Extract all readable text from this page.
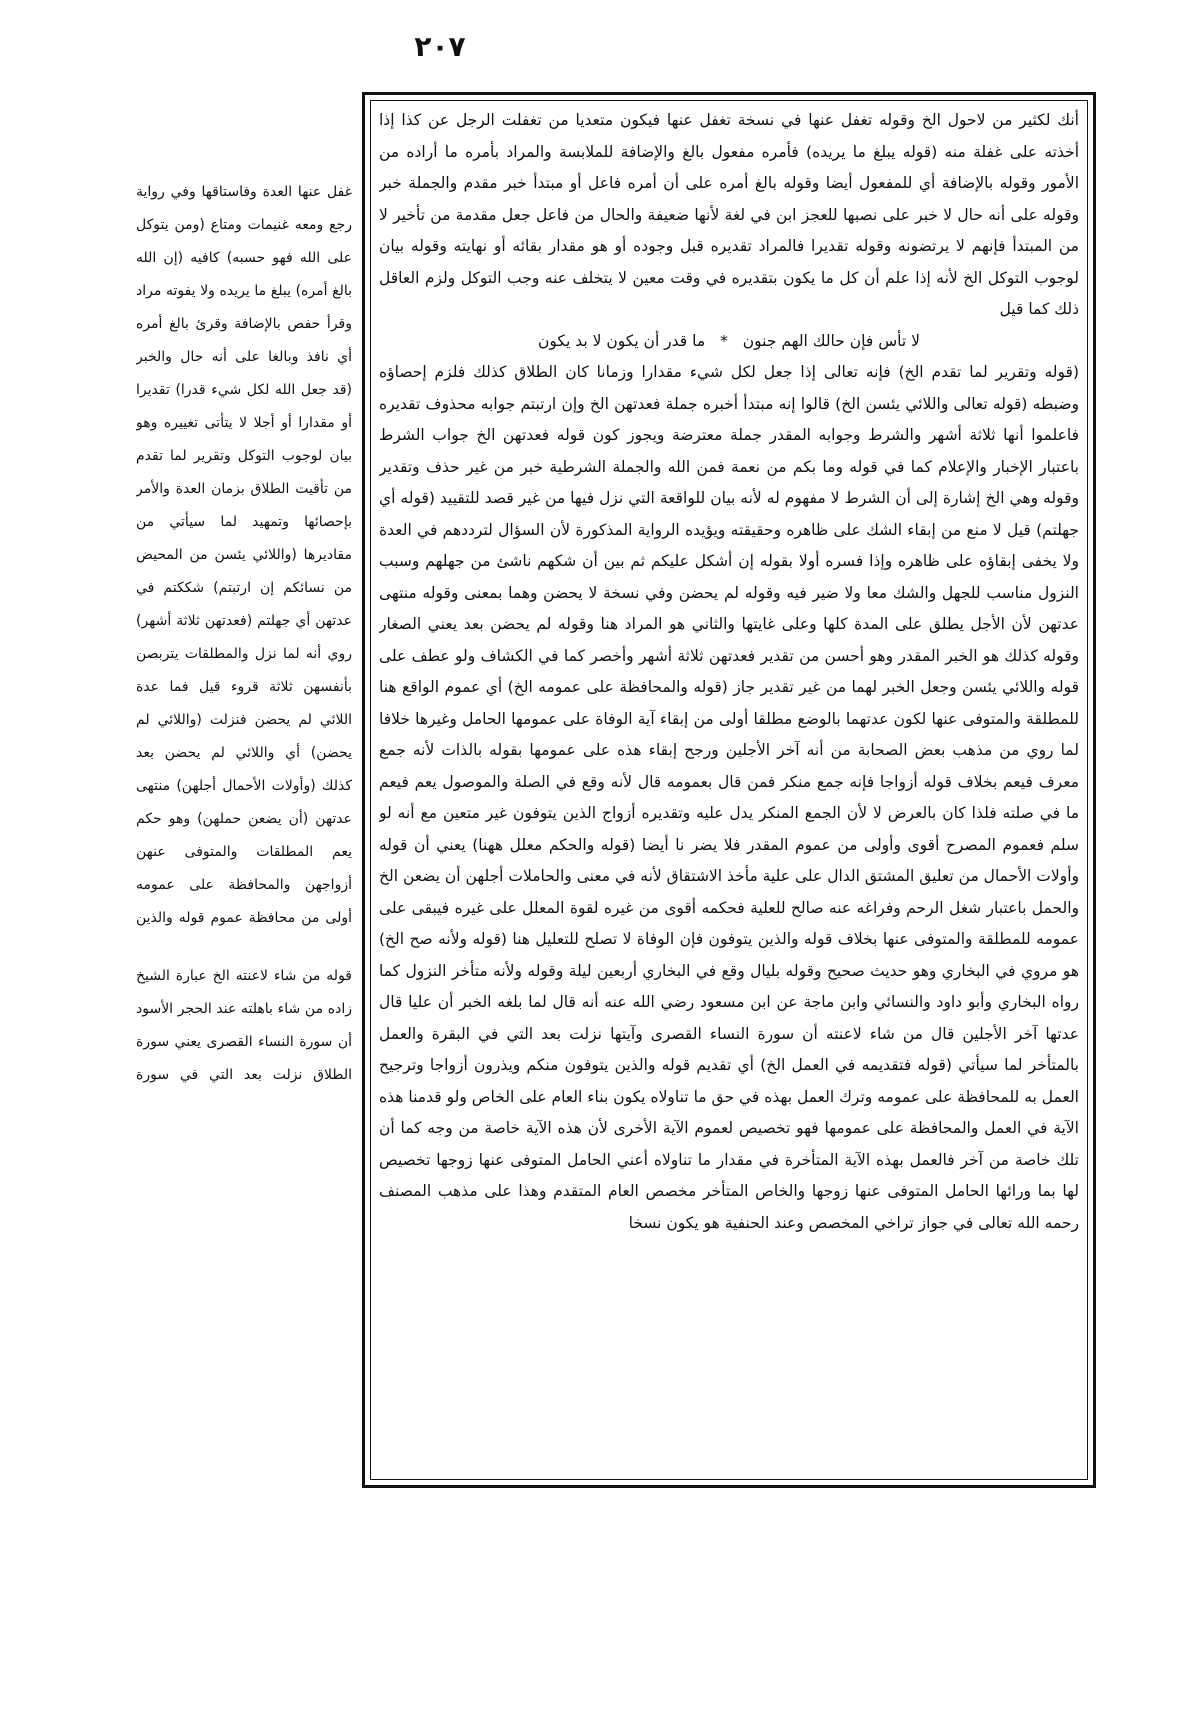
٢٠٧

غفل عنها العدة وفاستاقها وفي رواية رجع ومعه غنيمات ومتاع (ومن يتوكل على الله فهو حسبه) كافيه (إن الله بالغ أمره) يبلغ ما يريده ولا يفوته مراد وقرأ حفص بالإضافة وقرئ بالغ أمره أي نافذ وبالغا على أنه حال والخبر (قد جعل الله لكل شيء قدرا) تقديرا أو مقدارا أو أجلا لا يتأتى تغييره وهو بيان لوجوب التوكل وتقرير لما تقدم من تأقيت الطلاق بزمان العدة والأمر بإحصائها وتمهيد لما سيأتي من مقاديرها (واللائي يئسن من المحيض من نسائكم إن ارتبتم) شككتم في عدتهن أي جهلتم (فعدتهن ثلاثة أشهر) روي أنه لما نزل والمطلقات يتربصن بأنفسهن ثلاثة قروء قيل فما عدة اللائي لم يحضن فنزلت (واللائي لم يحضن) أي واللائي لم يحضن بعد كذلك (وأولات الأحمال أجلهن) منتهى عدتهن (أن يضعن حملهن) وهو حكم يعم المطلقات والمتوفى عنهن أزواجهن والمحافظة على عمومه أولى من محافظة عموم قوله والذين

قوله من شاء لاعنته الخ عبارة الشيخ زاده من شاء باهلته عند الحجر الأسود أن سورة النساء القصرى يعني سورة الطلاق نزلت بعد التي في سورة

أنك لكثير من لاحول الخ وقوله تغفل عنها في نسخة تغفل عنها فيكون متعديا من تغفلت الرجل عن كذا إذا أخذته على غفلة منه (قوله يبلغ ما يريده) فأمره مفعول بالغ والإضافة للملابسة والمراد بأمره ما أراده من الأمور وقوله بالإضافة أي للمفعول أيضا وقوله بالغ أمره على أن أمره فاعل أو مبتدأ خبر مقدم والجملة خبر وقوله على أنه حال لا خبر على نصبها للعجز ابن في لغة لأنها ضعيفة والحال من فاعل جعل مقدمة من تأخير لا من المبتدأ فإنهم لا يرتضونه وقوله تقديرا فالمراد تقديره قبل وجوده أو هو مقدار بقائه أو نهايته وقوله بيان لوجوب التوكل الخ لأنه إذا علم أن كل ما يكون بتقديره في وقت معين لا يتخلف عنه وجب التوكل ولزم العاقل ذلك كما قيل

لا تأس فإن حالك الهم جنون * ما قدر أن يكون لا بد يكون

(قوله وتقرير لما تقدم الخ) فإنه تعالى إذا جعل لكل شيء مقدارا وزمانا كان الطلاق كذلك فلزم إحصاؤه وضبطه (قوله تعالى واللائي يئسن الخ) قالوا إنه مبتدأ أخبره جملة فعدتهن الخ وإن ارتبتم جوابه محذوف تقديره فاعلموا أنها ثلاثة أشهر والشرط وجوابه المقدر جملة معترضة ويجوز كون قوله فعدتهن الخ جواب الشرط باعتبار الإخبار والإعلام كما في قوله وما بكم من نعمة فمن الله والجملة الشرطية خبر من غير حذف وتقدير وقوله وهي الخ إشارة إلى أن الشرط لا مفهوم له لأنه بيان للواقعة التي نزل فيها من غير قصد للتقييد (قوله أي جهلتم) قيل لا منع من إبقاء الشك على ظاهره وحقيقته ويؤيده الرواية المذكورة لأن السؤال لترددهم في العدة ولا يخفى إبقاؤه على ظاهره وإذا فسره أولا بقوله إن أشكل عليكم ثم بين أن شكهم ناشئ من جهلهم وسبب النزول مناسب للجهل والشك معا ولا ضير فيه وقوله لم يحضن وفي نسخة لا يحضن وهما بمعنى وقوله منتهى عدتهن لأن الأجل يطلق على المدة كلها وعلى غايتها والثاني هو المراد هنا وقوله لم يحضن بعد يعني الصغار وقوله كذلك هو الخبر المقدر وهو أحسن من تقدير فعدتهن ثلاثة أشهر وأخصر كما في الكشاف ولو عطف على قوله واللائي يئسن وجعل الخبر لهما من غير تقدير جاز (قوله والمحافظة على عمومه الخ) أي عموم الواقع هنا للمطلقة والمتوفى عنها لكون عدتهما بالوضع مطلقا أولى من إبقاء آية الوفاة على عمومها الحامل وغيرها خلافا لما روي من مذهب بعض الصحابة من أنه آخر الأجلين ورجح إبقاء هذه على عمومها بقوله بالذات لأنه جمع معرف فيعم بخلاف قوله أزواجا فإنه جمع منكر فمن قال بعمومه قال لأنه وقع في الصلة والموصول يعم فيعم ما في صلته فلذا كان بالعرض لا لأن الجمع المنكر يدل عليه وتقديره أزواج الذين يتوفون غير متعين مع أنه لو سلم فعموم المصرح أقوى وأولى من عموم المقدر فلا يضر نا أيضا (قوله والحكم معلل ههنا) يعني أن قوله وأولات الأحمال من تعليق المشتق الدال على علية مأخذ الاشتقاق لأنه في معنى والحاملات أجلهن أن يضعن الخ والحمل باعتبار شغل الرحم وفراغه عنه صالح للعلية فحكمه أقوى من غيره لقوة المعلل على غيره فيبقى على عمومه للمطلقة والمتوفى عنها بخلاف قوله والذين يتوفون فإن الوفاة لا تصلح للتعليل هنا (قوله ولأنه صح الخ) هو مروي في البخاري وهو حديث صحيح وقوله بليال وقع في البخاري أربعين ليلة وقوله ولأنه متأخر النزول كما رواه البخاري وأبو داود والنسائي وابن ماجة عن ابن مسعود رضي الله عنه أنه قال لما بلغه الخبر أن عليا قال عدتها آخر الأجلين قال من شاء لاعنته أن سورة النساء القصرى وآيتها نزلت بعد التي في البقرة والعمل بالمتأخر لما سيأتي (قوله فتقديمه في العمل الخ) أي تقديم قوله والذين يتوفون منكم ويذرون أزواجا وترجيح العمل به للمحافظة على عمومه وترك العمل بهذه في حق ما تناولاه يكون بناء العام على الخاص ولو قدمنا هذه الآية في العمل والمحافظة على عمومها فهو تخصيص لعموم الآية الأخرى لأن هذه الآية خاصة من وجه كما أن تلك خاصة من آخر فالعمل بهذه الآية المتأخرة في مقدار ما تناولاه أعني الحامل المتوفى عنها زوجها تخصيص لها بما ورائها الحامل المتوفى عنها زوجها والخاص المتأخر مخصص العام المتقدم وهذا على مذهب المصنف رحمه الله تعالى في جواز تراخي المخصص وعند الحنفية هو يكون نسخا
